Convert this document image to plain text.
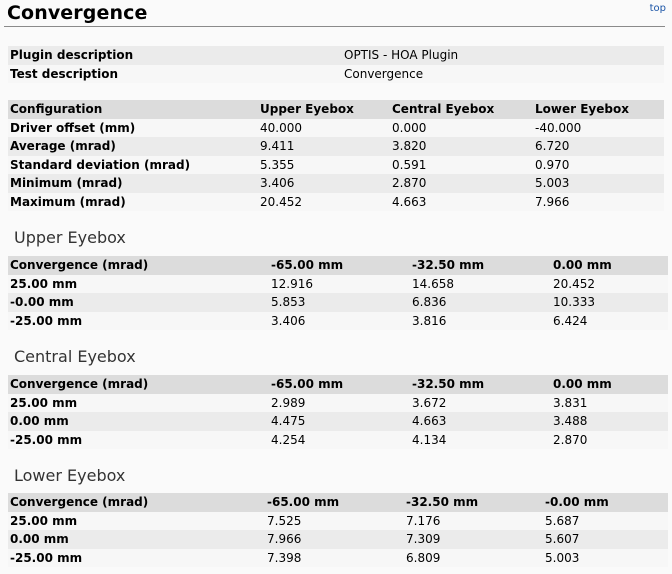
Convergence	top
Plugin description	OPTIS - HOA Plugin
Test description	Convergence
Configuration	Upper Eyebox	Central Eyebox	Lower Eyebox
Driver offset (mm)	40.000	0.000	-40.000
Average (mrad)	9.411	3.820	6.720
Standard deviation (mrad)	5.355	0.591	0.970
Minimum (mrad)	3.406	2.870	5.003
Maximum (mrad)	20.452	4.663	7.966
Upper Eyebox
Convergence (mrad)	-65.00 mm	-32.50 mm	0.00 mm
25.00 mm	12.916	14.658	20.452
-0.00 mm	5.853	6.836	10.333
-25.00 mm	3.406	3.816	6.424
Central Eyebox
Convergence (mrad)	-65.00 mm	-32.50 mm	0.00 mm
25.00 mm	2.989	3.672	3.831
0.00 mm	4.475	4.663	3.488
-25.00 mm	4.254	4.134	2.870
Lower Eyebox
Convergence (mrad)	-65.00 mm	-32.50 mm	-0.00 mm
25.00 mm	7.525	7.176	5.687
0.00 mm	7.966	7.309	5.607
-25.00 mm	7.398	6.809	5.003
